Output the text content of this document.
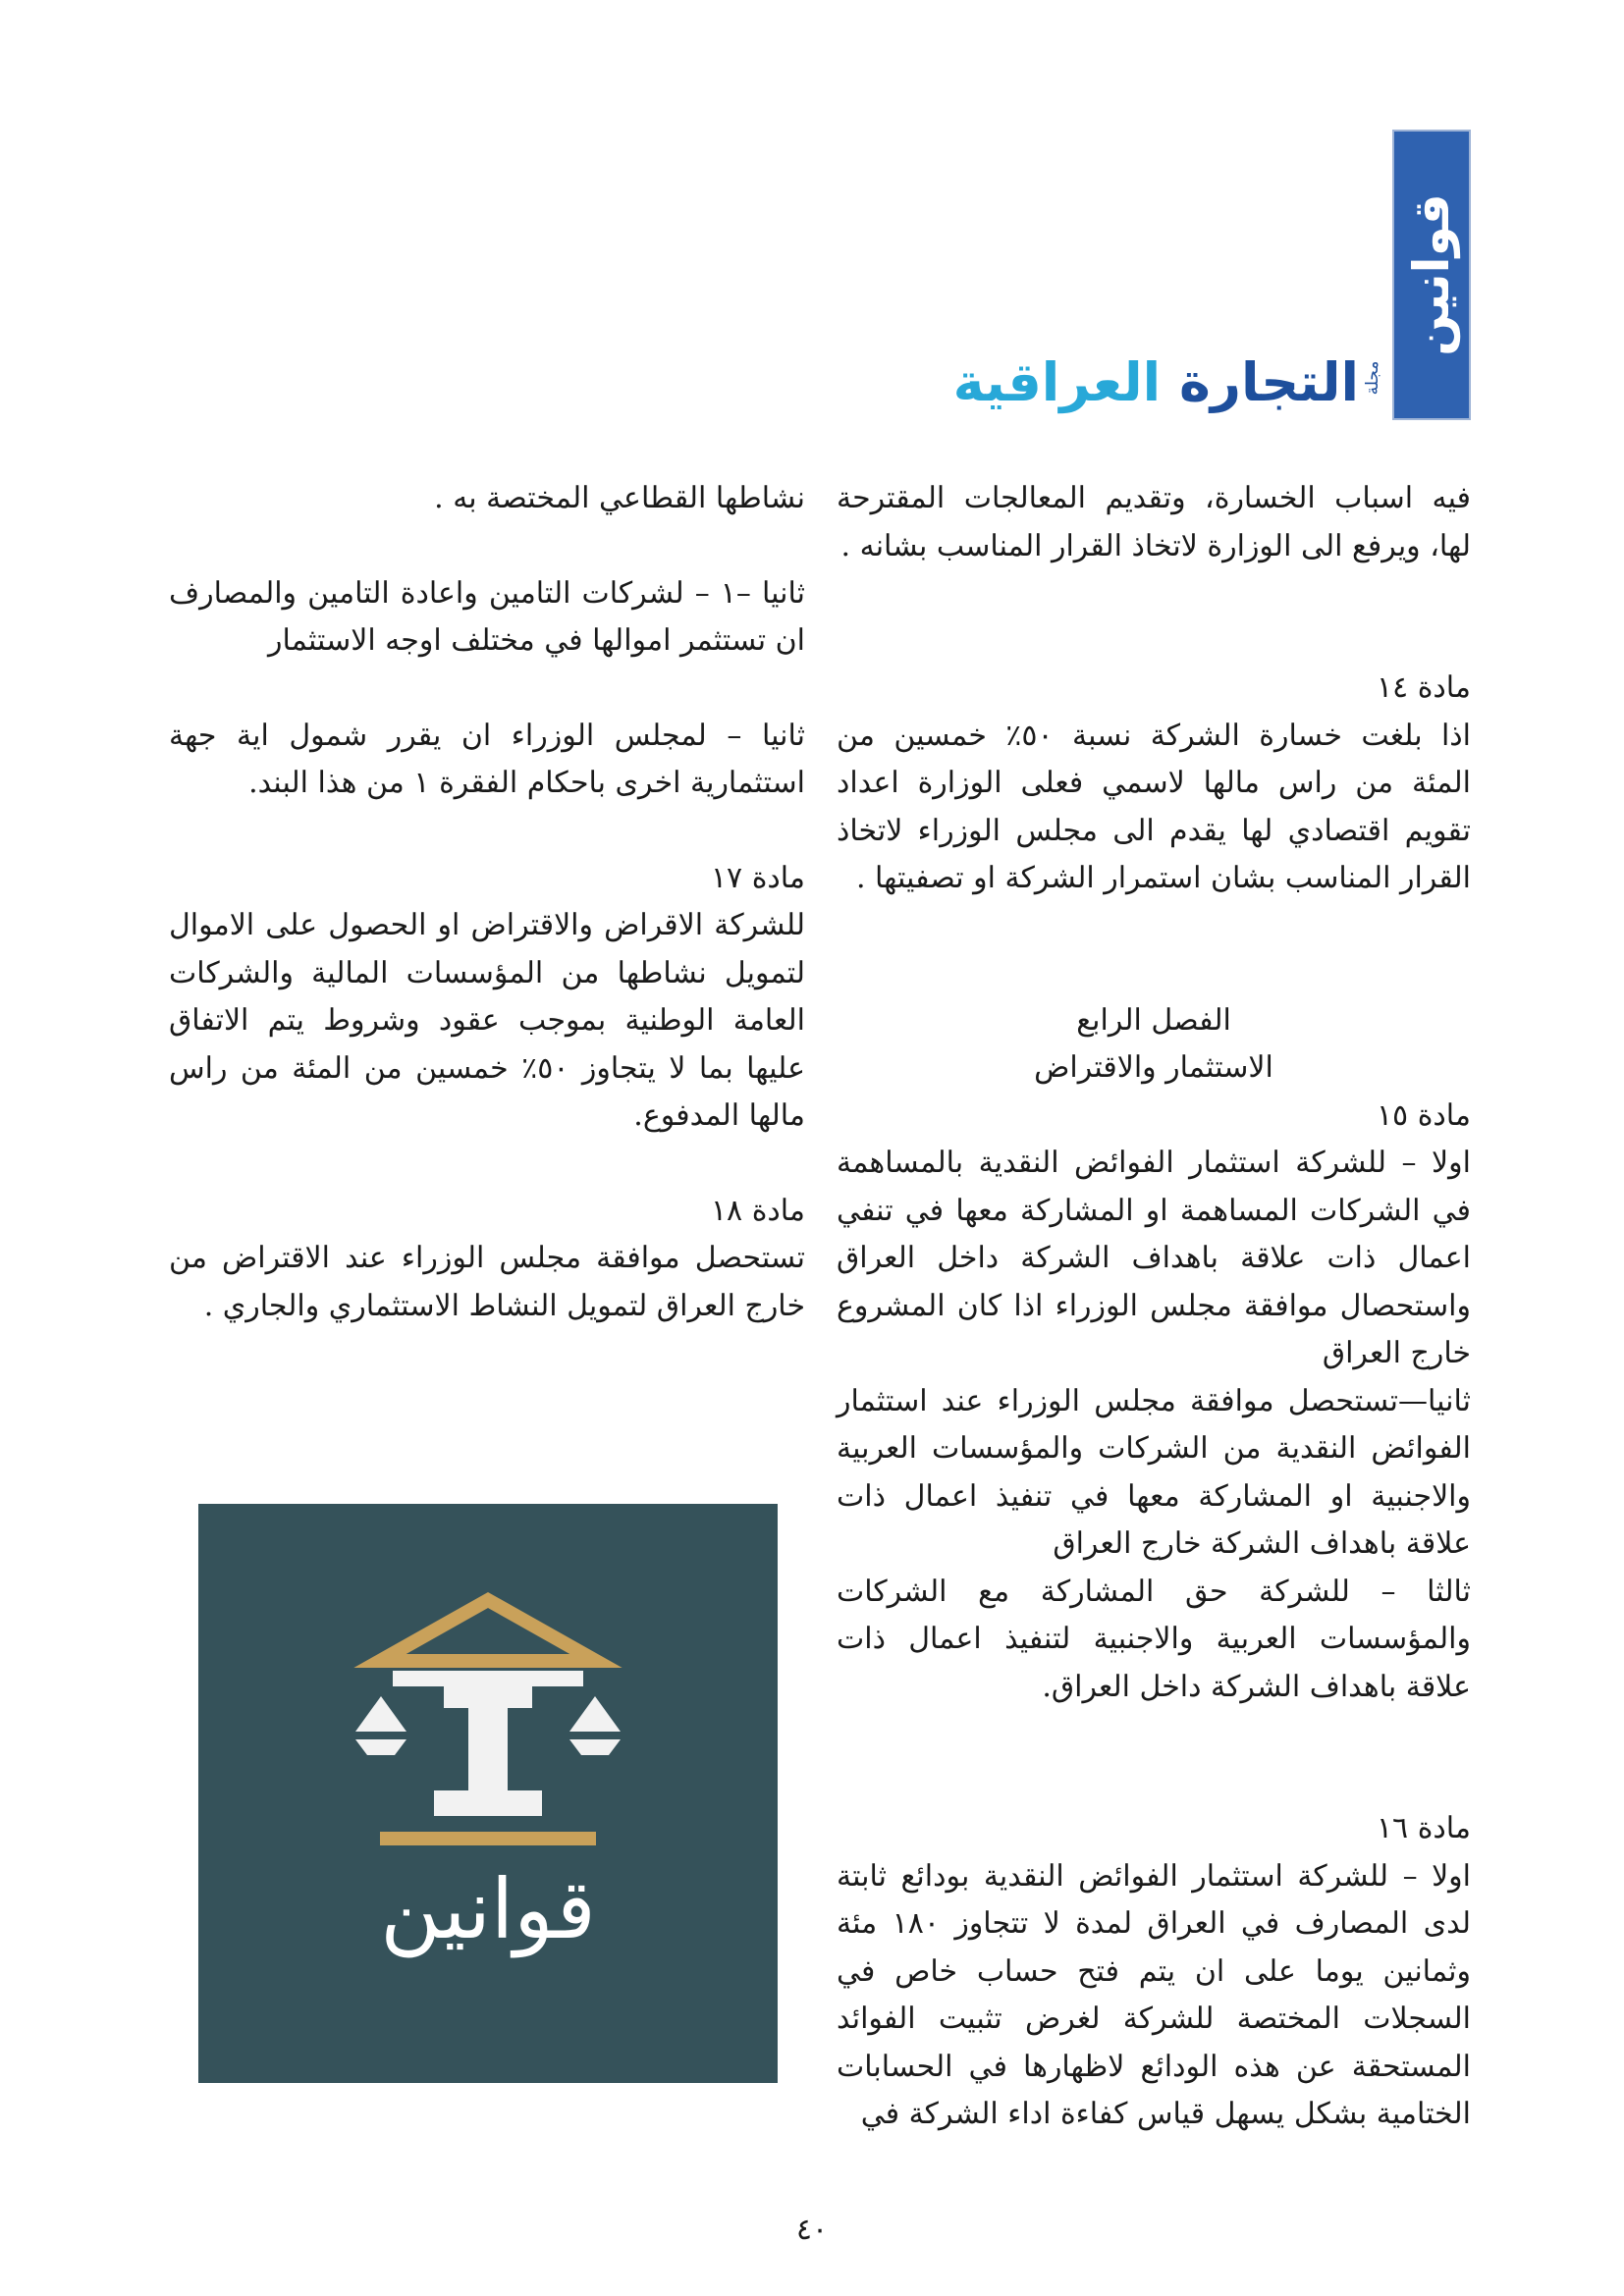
قوانين
مجلة
التجارة العراقية

فيه اسباب الخسارة، وتقديم المعالجات المقترحة لها، ويرفع الى الوزارة لاتخاذ القرار المناسب بشانه .

مادة ١٤

اذا بلغت خسارة الشركة نسبة ٥٠٪ خمسين من المئة من راس مالها لاسمي فعلى الوزارة اعداد تقويم اقتصادي لها يقدم الى مجلس الوزراء لاتخاذ القرار المناسب بشان استمرار الشركة او تصفيتها .

الفصل الرابع

الاستثمار والاقتراض

مادة ١٥

اولا – للشركة استثمار الفوائض النقدية بالمساهمة في الشركات المساهمة او المشاركة معها في تنفي اعمال ذات علاقة باهداف الشركة داخل العراق واستحصال موافقة مجلس الوزراء اذا كان المشروع خارج العراق

ثانيا—تستحصل موافقة مجلس الوزراء عند استثمار الفوائض النقدية من الشركات والمؤسسات العربية والاجنبية او المشاركة معها في تنفيذ اعمال ذات علاقة باهداف الشركة خارج العراق

ثالثا – للشركة حق المشاركة مع الشركات والمؤسسات العربية والاجنبية لتنفيذ اعمال ذات علاقة باهداف الشركة داخل العراق.

مادة ١٦

اولا – للشركة استثمار الفوائض النقدية بودائع ثابتة لدى المصارف في العراق لمدة لا تتجاوز ١٨٠ مئة وثمانين يوما على ان يتم فتح حساب خاص في السجلات المختصة للشركة لغرض تثبيت الفوائد المستحقة عن هذه الودائع لاظهارها في الحسابات الختامية بشكل يسهل قياس كفاءة اداء الشركة في

نشاطها القطاعي المختصة به .

ثانيا –١ – لشركات التامين واعادة التامين والمصارف ان تستثمر اموالها في مختلف اوجه الاستثمار

ثانيا – لمجلس الوزراء ان يقرر شمول اية جهة استثمارية اخرى باحكام الفقرة ١ من هذا البند.

مادة ١٧

للشركة الاقراض والاقتراض او الحصول على الاموال لتمويل نشاطها من المؤسسات المالية والشركات العامة الوطنية بموجب عقود وشروط يتم الاتفاق عليها بما لا يتجاوز ٥٠٪ خمسين من المئة من راس مالها المدفوع.

مادة ١٨

تستحصل موافقة مجلس الوزراء عند الاقتراض من خارج العراق لتمويل النشاط الاستثماري والجاري .

قوانين
٤٠
